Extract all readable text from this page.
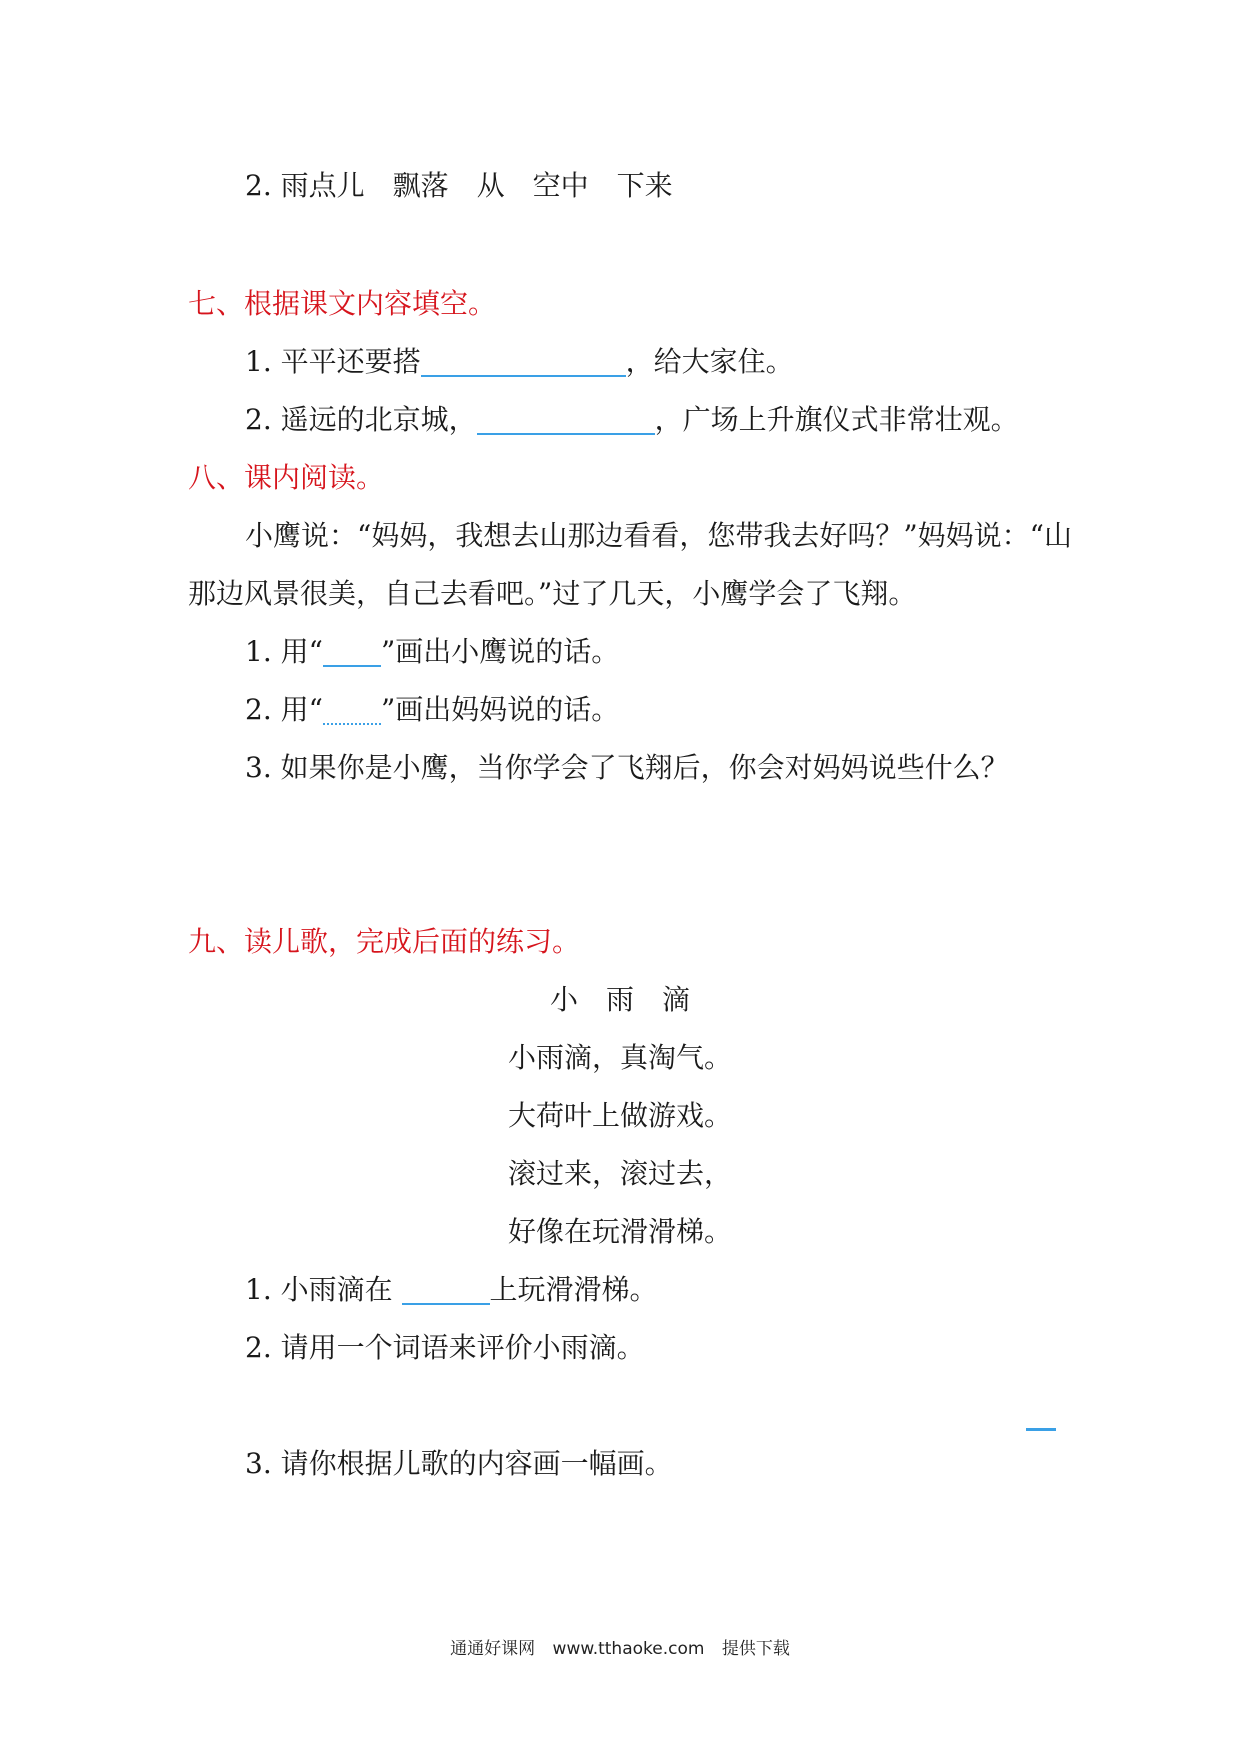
2. 雨点儿　飘落　从　空中　下来
七、根据课文内容填空。
1. 平平还要搭	，给大家住。
2. 遥远的北京城，	，广场上升旗仪式非常壮观。
八、课内阅读。
小鹰说：“妈妈，我想去山那边看看，您带我去好吗？”妈妈说：“山
那边风景很美，自己去看吧。”过了几天，小鹰学会了飞翔。
1. 用“ ”画出小鹰说的话。
2. 用“ ”画出妈妈说的话。
3. 如果你是小鹰，当你学会了飞翔后，你会对妈妈说些什么？
九、读儿歌，完成后面的练习。
小　雨　滴
小雨滴，真淘气。
大荷叶上做游戏。
滚过来，滚过去，
好像在玩滑滑梯。
1. 小雨滴在	上玩滑滑梯。
2. 请用一个词语来评价小雨滴。
3. 请你根据儿歌的内容画一幅画。
通通好课网 www.tthaoke.com 提供下载
